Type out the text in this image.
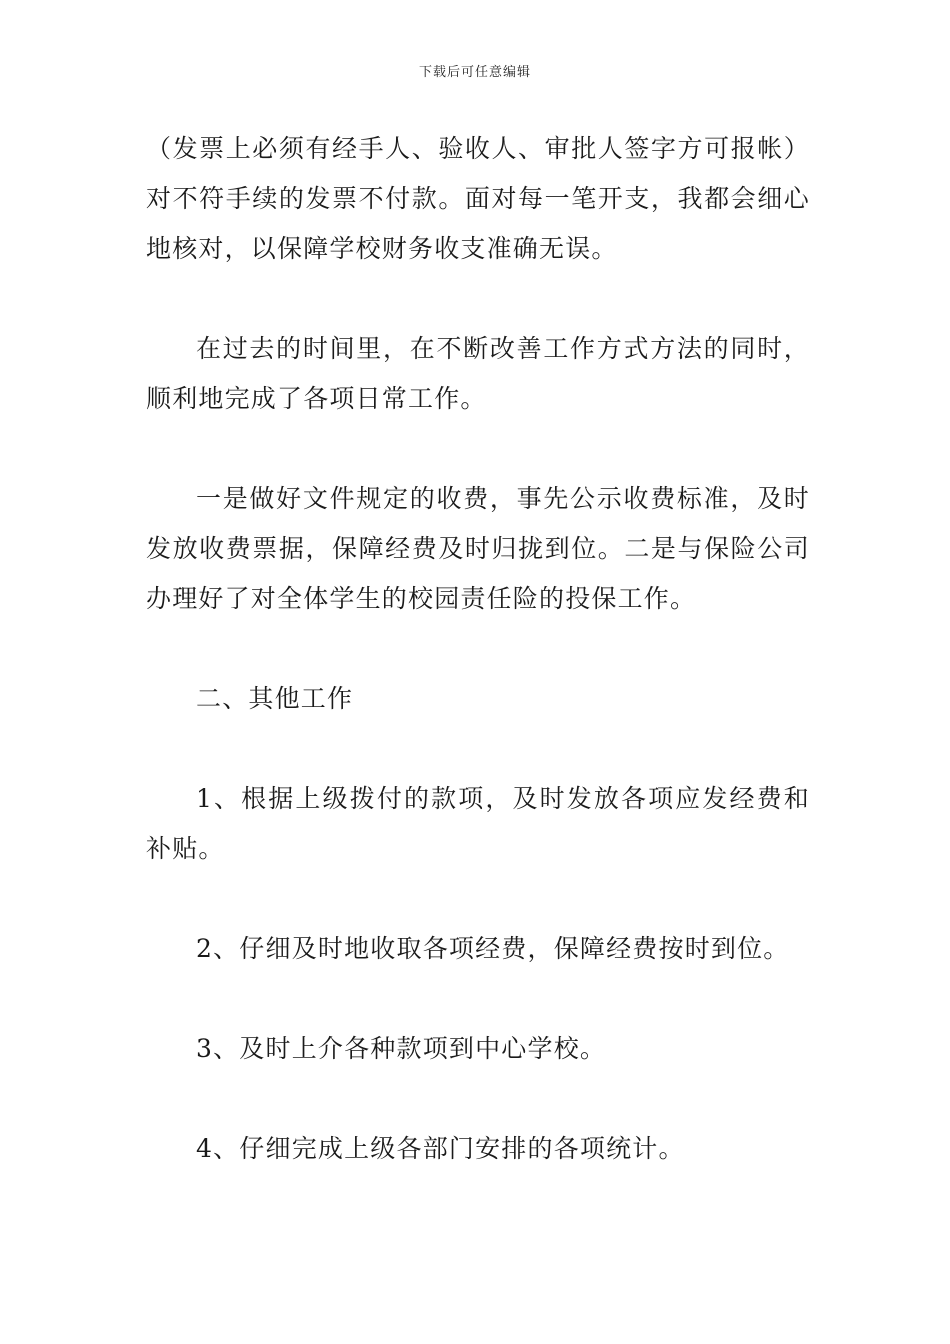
下载后可任意编辑

（发票上必须有经手人、验收人、审批人签字方可报帐）对不符手续的发票不付款。面对每一笔开支，我都会细心地核对，以保障学校财务收支准确无误。

在过去的时间里，在不断改善工作方式方法的同时，顺利地完成了各项日常工作。

一是做好文件规定的收费，事先公示收费标准，及时发放收费票据，保障经费及时归拢到位。二是与保险公司办理好了对全体学生的校园责任险的投保工作。

二、其他工作

1、根据上级拨付的款项，及时发放各项应发经费和补贴。

2、仔细及时地收取各项经费，保障经费按时到位。

3、及时上介各种款项到中心学校。

4、仔细完成上级各部门安排的各项统计。
